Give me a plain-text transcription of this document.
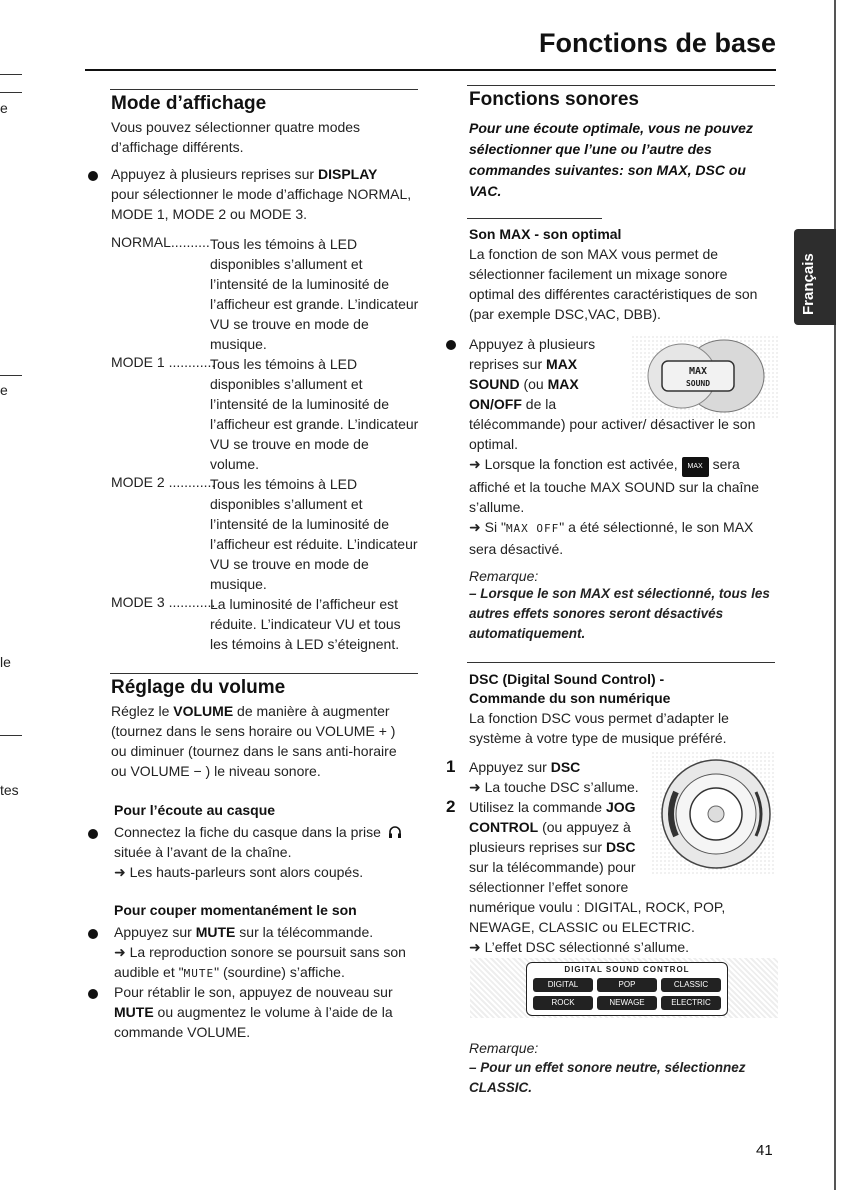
e
e
le
tes
Fonctions de base
Français
Mode d’affichage
Vous pouvez sélectionner quatre modes
d’affichage différents.
Appuyez à plusieurs reprises sur DISPLAY
pour sélectionner le mode d’affichage NORMAL,
MODE 1, MODE 2 ou MODE 3.
NORMAL.......... Tous les témoins à LED
disponibles s’allument et
l’intensité de la luminosité de
l’afficheur est grande. L’indicateur
VU se trouve en mode de
musique.
MODE 1 ............
Tous les témoins à LED
disponibles s’allument et
l’intensité de la luminosité de
l’afficheur est grande. L’indicateur
VU se trouve en mode de
volume.
MODE 2 ............
Tous les témoins à LED
disponibles s’allument et
l’intensité de la luminosité de
l’afficheur est réduite. L’indicateur
VU se trouve en mode de
musique.
MODE 3 ............
La luminosité de l’afficheur est
réduite. L’indicateur VU et tous
les témoins à LED s’éteignent.
Réglage du volume
Réglez le VOLUME de manière à augmenter
(tournez dans le sens horaire ou VOLUME + )
ou diminuer (tournez dans le sans anti-horaire
ou VOLUME − ) le niveau sonore.
Pour l’écoute au casque
Connectez la fiche du casque dans la prise
située à l’avant de la chaîne.
➜ Les hauts-parleurs sont alors coupés.
Pour couper momentanément le son
Appuyez sur MUTE sur la télécommande.
➜ La reproduction sonore se poursuit sans son
audible et "MUTE" (sourdine) s’affiche.
Pour rétablir le son, appuyez de nouveau sur
MUTE ou augmentez le volume à l’aide de la
commande VOLUME.
Fonctions sonores
Pour une écoute optimale, vous ne pouvez
sélectionner que l’une ou l’autre des
commandes suivantes: son MAX, DSC ou
VAC.
Son MAX - son optimal
La fonction de son MAX vous permet de
sélectionner facilement un mixage sonore
optimal des différentes caractéristiques de son
(par exemple DSC,VAC, DBB).
Appuyez à plusieurs
reprises sur MAX
SOUND (ou MAX
ON/OFF de la
MAX
SOUND
télécommande) pour activer/ désactiver le son
optimal.
➜ Lorsque la fonction est activée, MAX sera
affiché et la touche MAX SOUND sur la chaîne
s’allume.
➜ Si "MAX OFF" a été sélectionné, le son MAX
sera désactivé.
Remarque:
– Lorsque le son MAX est sélectionné, tous les
autres effets sonores seront désactivés
automatiquement.
DSC (Digital Sound Control) -
Commande du son numérique
La fonction DSC vous permet d’adapter le
système à votre type de musique préféré.
1 Appuyez sur DSC
➜ La touche DSC s’allume.
2 Utilisez la commande JOG
CONTROL (ou appuyez à
plusieurs reprises sur DSC
sur la télécommande) pour
sélectionner l’effet sonore
numérique voulu : DIGITAL, ROCK, POP,
NEWAGE, CLASSIC ou ELECTRIC.
➜ L’effet DSC sélectionné s’allume.
DIGITAL SOUND CONTROL
DIGITAL	POP	CLASSIC
ROCK	NEWAGE	ELECTRIC
Remarque:
– Pour un effet sonore neutre, sélectionnez
CLASSIC.
41
